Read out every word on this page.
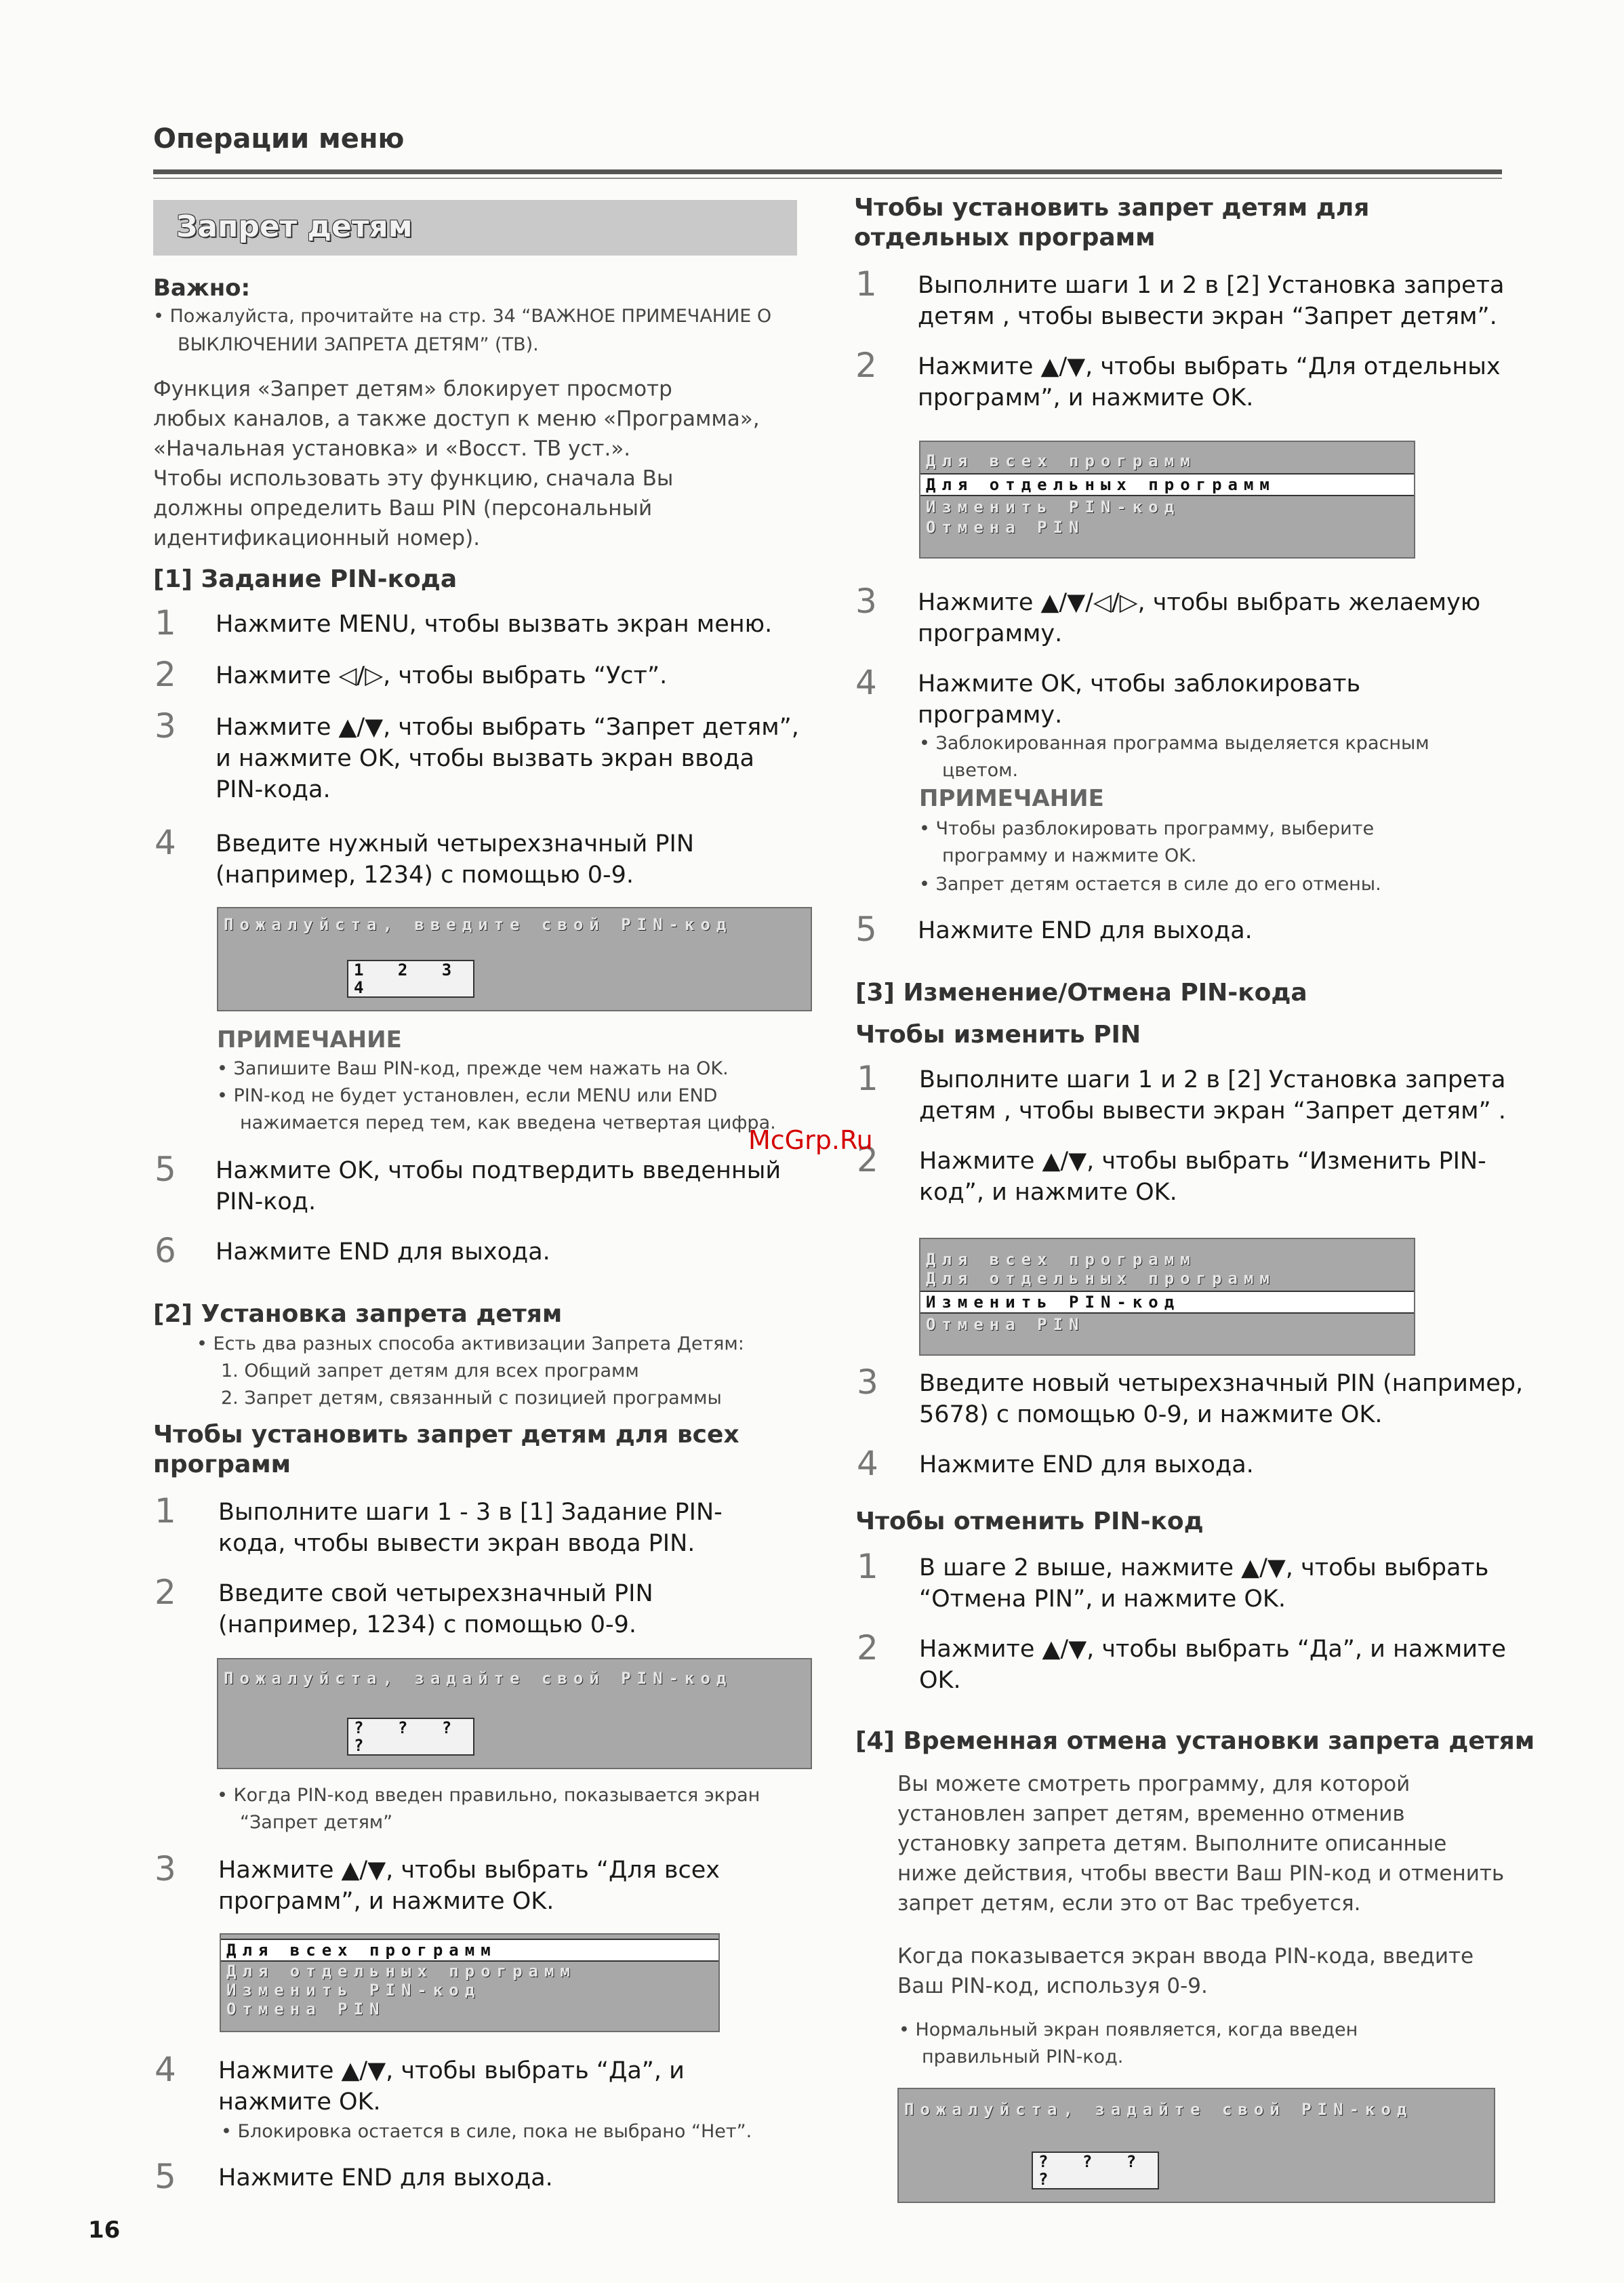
Операции меню
Запрет детям
Важно:
• Пожалуйста, прочитайте на стр. 34 “ВАЖНОЕ ПРИМЕЧАНИЕ О
ВЫКЛЮЧЕНИИ ЗАПРЕТА ДЕТЯМ” (ТВ).
Функция «Запрет детям» блокирует просмотр
любых каналов, а также доступ к меню «Программа»,
«Начальная установка» и «Восст. ТВ уст.».
Чтобы использовать эту функцию, сначала Вы
должны определить Ваш PIN (персональный
идентификационный номер).
[1] Задание PIN-кода
1 Нажмите MENU, чтобы вызвать экран меню.
2 Нажмите ◁/▷, чтобы выбрать “Уст”.
3 Нажмите ▲/▼, чтобы выбрать “Запрет детям”,
и нажмите OK, чтобы вызвать экран ввода
PIN-кода.
4 Введите нужный четырехзначный PIN
(например, 1234) с помощью 0-9.
Пожалуйста, введите свой PIN-код
1 2 3 4
ПРИМЕЧАНИЕ
• Запишите Ваш PIN-код, прежде чем нажать на OK.
• PIN-код не будет установлен, если MENU или END
нажимается перед тем, как введена четвертая цифра.
5 Нажмите OK, чтобы подтвердить введенный
PIN-код.
6 Нажмите END для выхода.
[2] Установка запрета детям
• Есть два разных способа активизации Запрета Детям:
1. Общий запрет детям для всех программ
2. Запрет детям, связанный с позицией программы
Чтобы установить запрет детям для всех
программ
1 Выполните шаги 1 - 3 в [1] Задание PIN-
кода, чтобы вывести экран ввода PIN.
2 Введите свой четырехзначный PIN
(например, 1234) с помощью 0-9.
Пожалуйста, задайте свой PIN-код
? ? ? ?
• Когда PIN-код введен правильно, показывается экран
“Запрет детям”
3 Нажмите ▲/▼, чтобы выбрать “Для всех
программ”, и нажмите OK.
Для всех программ
Для отдельных программ
Изменить PIN-код
Отмена PIN
4 Нажмите ▲/▼, чтобы выбрать “Да”, и
нажмите OK.
• Блокировка остается в силе, пока не выбрано “Нет”.
5 Нажмите END для выхода.
16
Чтобы установить запрет детям для
отдельных программ
1 Выполните шаги 1 и 2 в [2] Установка запрета
детям , чтобы вывести экран “Запрет детям”.
2 Нажмите ▲/▼, чтобы выбрать “Для отдельных
программ”, и нажмите OK.
Для всех программ
Для отдельных программ
Изменить PIN-код
Отмена PIN
3 Нажмите ▲/▼/◁/▷, чтобы выбрать желаемую
программу.
4 Нажмите OK, чтобы заблокировать
программу.
• Заблокированная программа выделяется красным
цветом.
ПРИМЕЧАНИЕ
• Чтобы разблокировать программу, выберите
программу и нажмите OK.
• Запрет детям остается в силе до его отмены.
5 Нажмите END для выхода.
[3] Изменение/Отмена PIN-кода
Чтобы изменить PIN
1 Выполните шаги 1 и 2 в [2] Установка запрета
детям , чтобы вывести экран “Запрет детям” .
2 Нажмите ▲/▼, чтобы выбрать “Изменить PIN-
код”, и нажмите OK.
Для всех программ
Для отдельных программ
Изменить PIN-код
Отмена PIN
3 Введите новый четырехзначный PIN (например,
5678) с помощью 0-9, и нажмите OK.
4 Нажмите END для выхода.
Чтобы отменить PIN-код
1 В шаге 2 выше, нажмите ▲/▼, чтобы выбрать
“Отмена PIN”, и нажмите OK.
2 Нажмите ▲/▼, чтобы выбрать “Да”, и нажмите
OK.
[4] Временная отмена установки запрета детям
Вы можете смотреть программу, для которой
установлен запрет детям, временно отменив
установку запрета детям. Выполните описанные
ниже действия, чтобы ввести Ваш PIN-код и отменить
запрет детям, если это от Вас требуется.
Когда показывается экран ввода PIN-кода, введите
Ваш PIN-код, используя 0-9.
• Нормальный экран появляется, когда введен
правильный PIN-код.
Пожалуйста, задайте свой PIN-код
? ? ? ?
McGrp.Ru
